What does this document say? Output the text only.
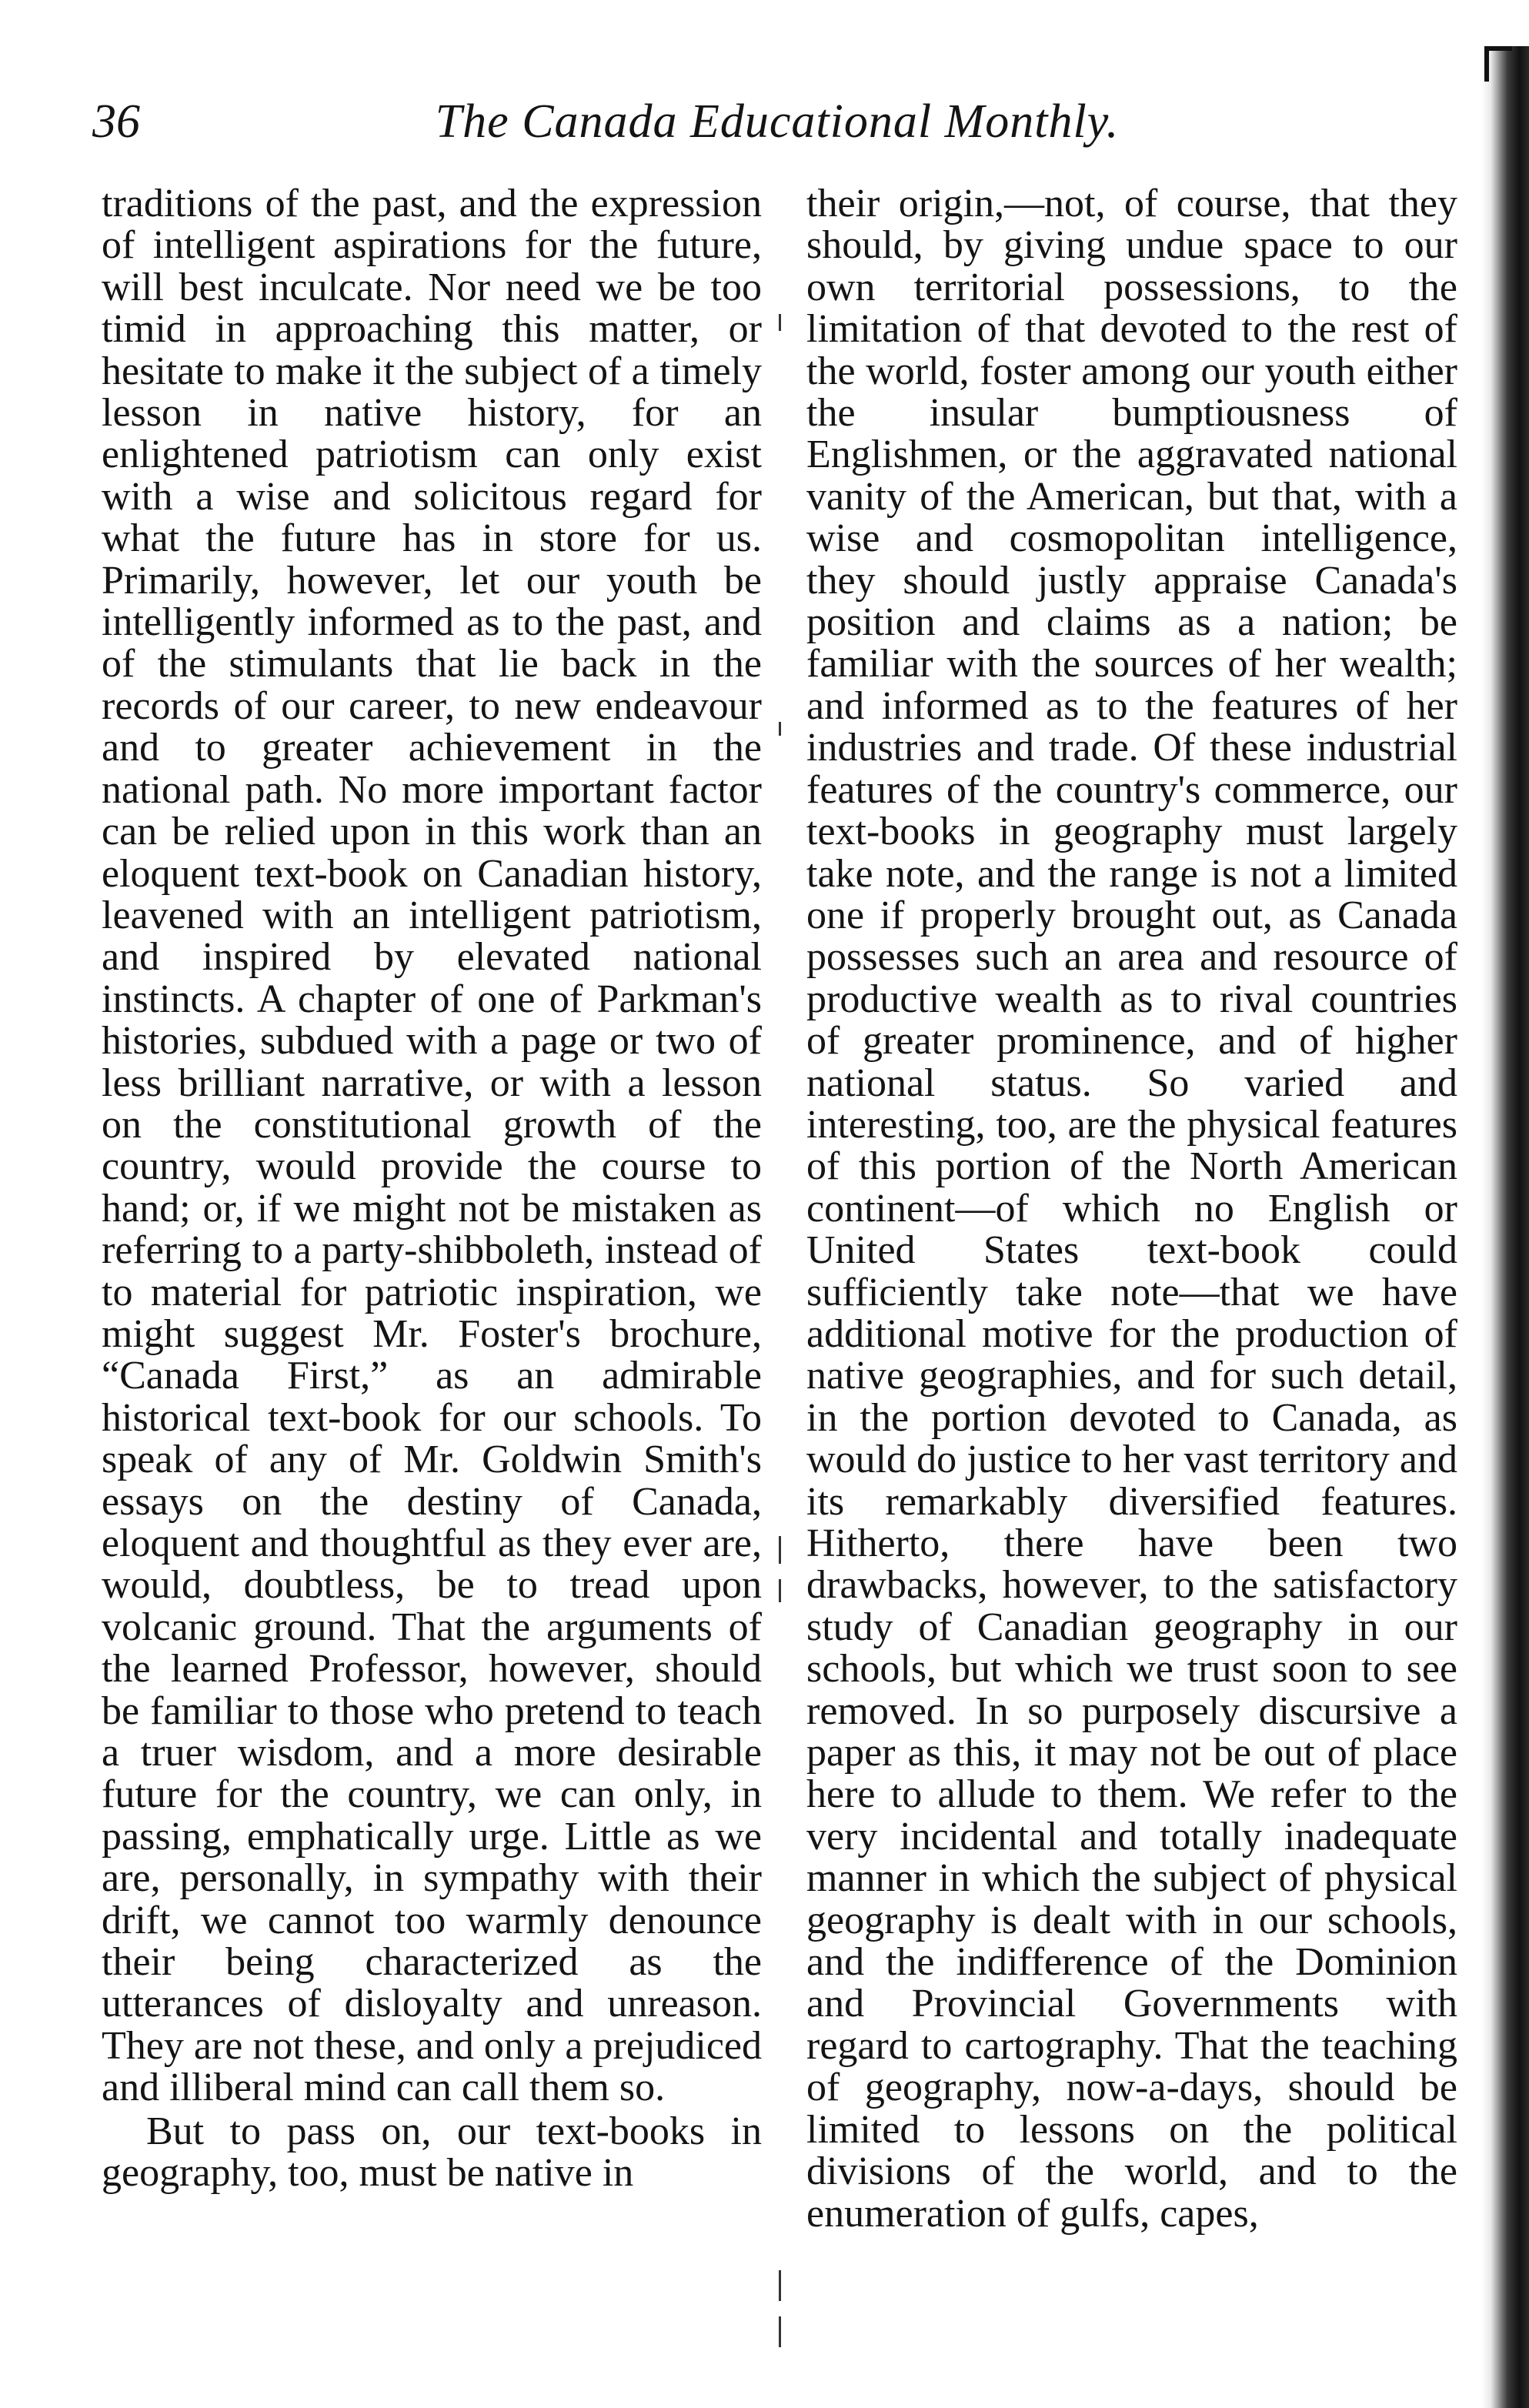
36	The Canada Educational Monthly.

traditions of the past, and the expression of intelligent aspirations for the future, will best inculcate. Nor need we be too timid in approaching this matter, or hesitate to make it the subject of a timely lesson in native history, for an enlightened patriotism can only exist with a wise and solicitous regard for what the future has in store for us. Primarily, however, let our youth be intelligently informed as to the past, and of the stimulants that lie back in the records of our career, to new endeavour and to greater achievement in the national path. No more important factor can be relied upon in this work than an eloquent text-book on Canadian history, leavened with an intelligent patriotism, and inspired by elevated national instincts. A chapter of one of Parkman's histories, subdued with a page or two of less brilliant narrative, or with a lesson on the constitutional growth of the country, would provide the course to hand; or, if we might not be mistaken as referring to a party-shibboleth, instead of to material for patriotic inspiration, we might suggest Mr. Foster's brochure, “Canada First,” as an admirable historical text-book for our schools. To speak of any of Mr. Goldwin Smith's essays on the destiny of Canada, eloquent and thoughtful as they ever are, would, doubtless, be to tread upon volcanic ground. That the arguments of the learned Professor, however, should be familiar to those who pretend to teach a truer wisdom, and a more desirable future for the country, we can only, in passing, emphatically urge. Little as we are, personally, in sympathy with their drift, we cannot too warmly denounce their being characterized as the utterances of disloyalty and unreason. They are not these, and only a prejudiced and illiberal mind can call them so.

But to pass on, our text-books in geography, too, must be native in

their origin,—not, of course, that they should, by giving undue space to our own territorial possessions, to the limitation of that devoted to the rest of the world, foster among our youth either the insular bumptiousness of Englishmen, or the aggravated national vanity of the American, but that, with a wise and cosmopolitan intelligence, they should justly appraise Canada's position and claims as a nation; be familiar with the sources of her wealth; and informed as to the features of her industries and trade. Of these industrial features of the country's commerce, our text-books in geography must largely take note, and the range is not a limited one if properly brought out, as Canada possesses such an area and resource of productive wealth as to rival countries of greater prominence, and of higher national status. So varied and interesting, too, are the physical features of this portion of the North American continent—of which no English or United States text-book could sufficiently take note—that we have additional motive for the production of native geographies, and for such detail, in the portion devoted to Canada, as would do justice to her vast territory and its remarkably diversified features. Hitherto, there have been two drawbacks, however, to the satisfactory study of Canadian geography in our schools, but which we trust soon to see removed. In so purposely discursive a paper as this, it may not be out of place here to allude to them. We refer to the very incidental and totally inadequate manner in which the subject of physical geography is dealt with in our schools, and the indifference of the Dominion and Provincial Governments with regard to cartography. That the teaching of geography, now-a-days, should be limited to lessons on the political divisions of the world, and to the enumeration of gulfs, capes,
